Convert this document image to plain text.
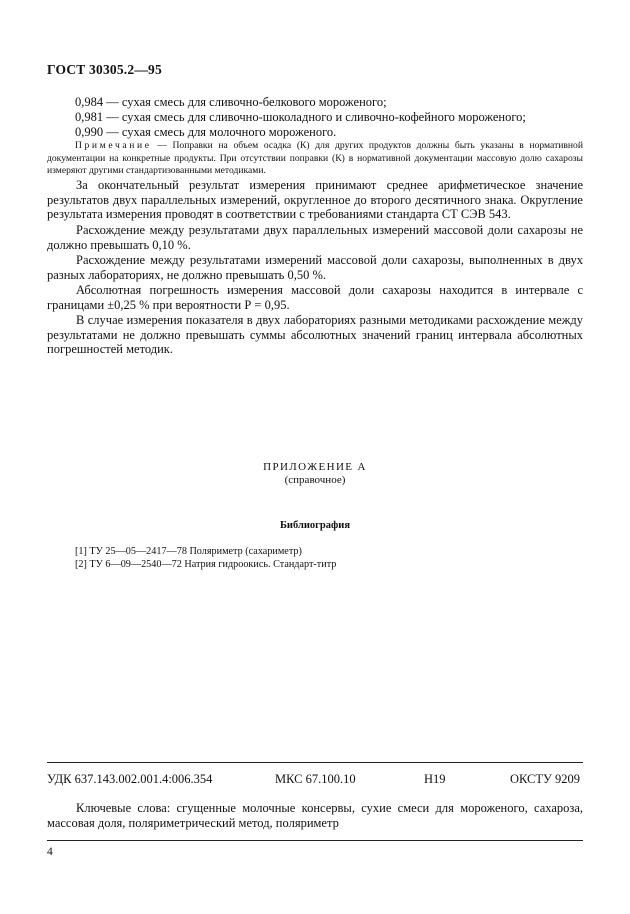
ГОСТ 30305.2—95
0,984 — сухая смесь для сливочно-белкового мороженого;
0,981 — сухая смесь для сливочно-шоколадного и сливочно-кофейного мороженого;
0,990 — сухая смесь для молочного мороженого.
Примечание — Поправки на объем осадка (К) для других продуктов должны быть указаны в нормативной документации на конкретные продукты. При отсутствии поправки (К) в нормативной документации массовую долю сахарозы измеряют другими стандартизованными методиками.
За окончательный результат измерения принимают среднее арифметическое значение результатов двух параллельных измерений, округленное до второго десятичного знака. Округление результата измерения проводят в соответствии с требованиями стандарта СТ СЭВ 543.
Расхождение между результатами двух параллельных измерений массовой доли сахарозы не должно превышать 0,10 %.
Расхождение между результатами измерений массовой доли сахарозы, выполненных в двух разных лабораториях, не должно превышать 0,50 %.
Абсолютная погрешность измерения массовой доли сахарозы находится в интервале с границами ±0,25 % при вероятности Р = 0,95.
В случае измерения показателя в двух лабораториях разными методиками расхождение между результатами не должно превышать суммы абсолютных значений границ интервала абсолютных погрешностей методик.
ПРИЛОЖЕНИЕ А
(справочное)
Библиография
[1] ТУ 25—05—2417—78 Поляриметр (сахариметр)
[2] ТУ 6—09—2540—72 Натрия гидроокись. Стандарт-титр
УДК 637.143.002.001.4:006.354	МКС 67.100.10	Н19	ОКСТУ 9209
Ключевые слова: сгущенные молочные консервы, сухие смеси для мороженого, сахароза, массовая доля, поляриметрический метод, поляриметр
4
